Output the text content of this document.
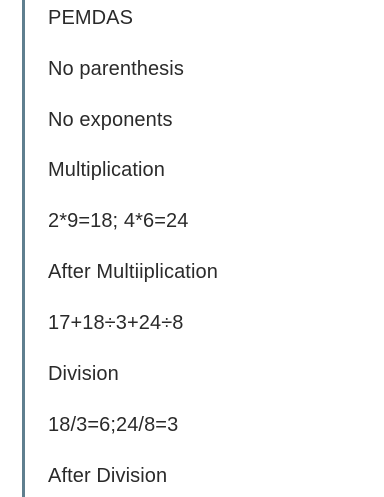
PEMDAS
No parenthesis
No exponents
Multiplication
2*9=18; 4*6=24
After Multiiplication
17+18÷3+24÷8
Division
18/3=6;24/8=3
After Division
